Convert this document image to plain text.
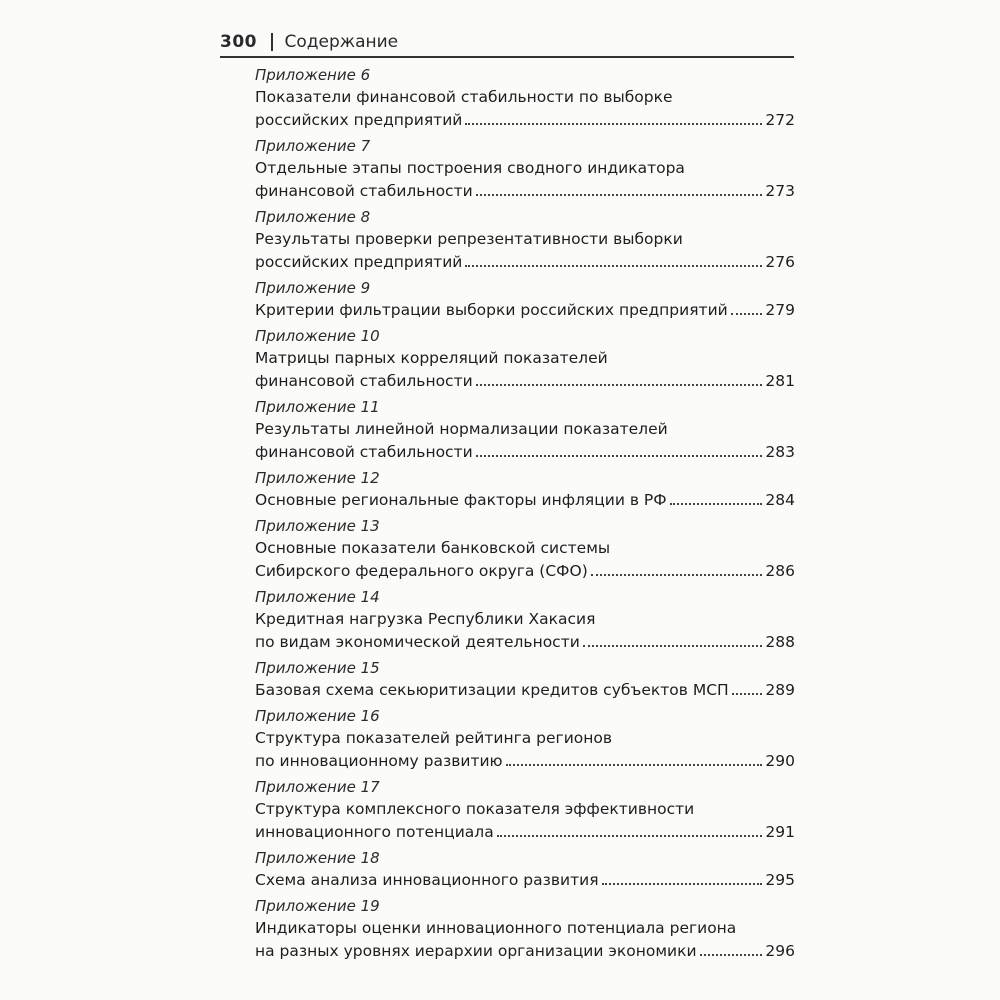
300 Содержание
Приложение 6
Показатели финансовой стабильности по выборке
российских предприятий	272
Приложение 7
Отдельные этапы построения сводного индикатора
финансовой стабильности	273
Приложение 8
Результаты проверки репрезентативности выборки
российских предприятий	276
Приложение 9
Критерии фильтрации выборки российских предприятий 279
Приложение 10
Матрицы парных корреляций показателей
финансовой стабильности	281
Приложение 11
Результаты линейной нормализации показателей
финансовой стабильности	283
Приложение 12
Основные региональные факторы инфляции в РФ	284
Приложение 13
Основные показатели банковской системы
Сибирского федерального округа (СФО)	286
Приложение 14
Кредитная нагрузка Республики Хакасия
по видам экономической деятельности	288
Приложение 15
Базовая схема секьюритизации кредитов субъектов МСП 289
Приложение 16
Структура показателей рейтинга регионов
по инновационному развитию	290
Приложение 17
Структура комплексного показателя эффективности
инновационного потенциала	291
Приложение 18
Схема анализа инновационного развития	295
Приложение 19
Индикаторы оценки инновационного потенциала региона
на разных уровнях иерархии организации экономики	296
